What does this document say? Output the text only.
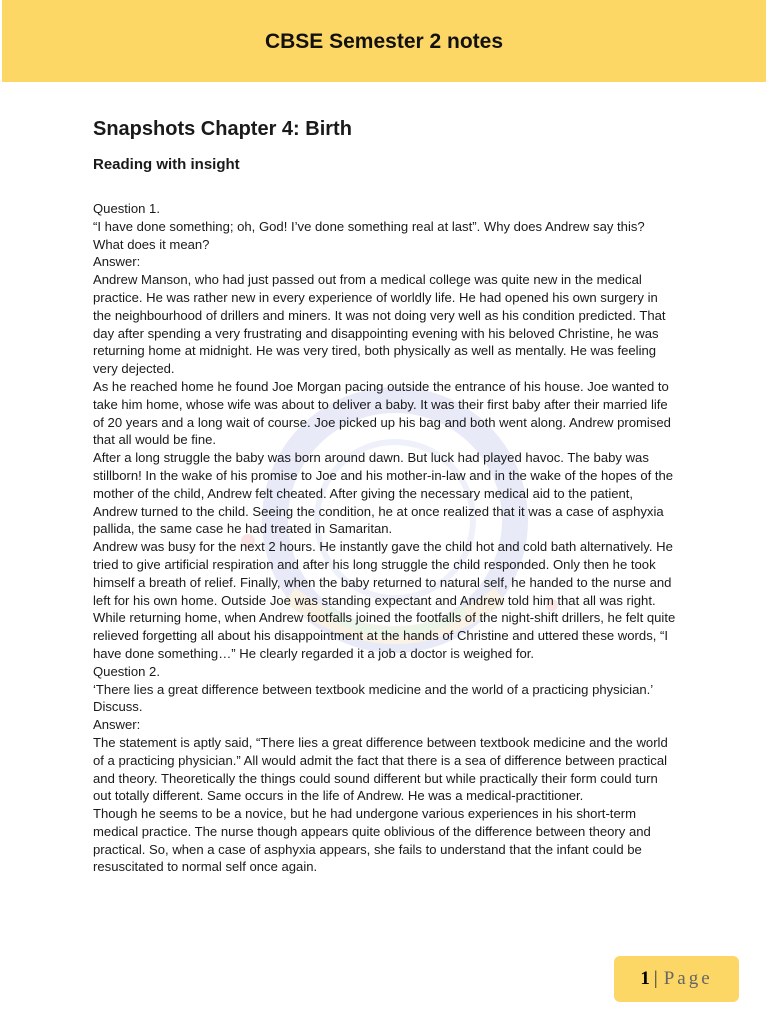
CBSE Semester 2 notes
Snapshots Chapter 4: Birth
Reading with insight

Question 1.

“I have done something; oh, God! I’ve done something real at last”. Why does Andrew say this? What does it mean?

Answer:

Andrew Manson, who had just passed out from a medical college was quite new in the medical practice. He was rather new in every experience of worldly life. He had opened his own surgery in the neighbourhood of drillers and miners. It was not doing very well as his condition predicted. That day after spending a very frustrating and disappointing evening with his beloved Christine, he was returning home at midnight. He was very tired, both physically as well as mentally. He was feeling very dejected.

As he reached home he found Joe Morgan pacing outside the entrance of his house. Joe wanted to take him home, whose wife was about to deliver a baby. It was their first baby after their married life of 20 years and a long wait of course. Joe picked up his bag and both went along. Andrew promised that all would be fine.

After a long struggle the baby was born around dawn. But luck had played havoc. The baby was stillborn! In the wake of his promise to Joe and his mother-in-law and in the wake of the hopes of the mother of the child, Andrew felt cheated. After giving the necessary medical aid to the patient, Andrew turned to the child. Seeing the condition, he at once realized that it was a case of asphyxia pallida, the same case he had treated in Samaritan.

Andrew was busy for the next 2 hours. He instantly gave the child hot and cold bath alternatively. He tried to give artificial respiration and after his long struggle the child responded. Only then he took himself a breath of relief. Finally, when the baby returned to natural self, he handed to the nurse and left for his own home. Outside Joe was standing expectant and Andrew told him that all was right. While returning home, when Andrew footfalls joined the footfalls of the night-shift drillers, he felt quite relieved forgetting all about his disappointment at the hands of Christine and uttered these words, “I have done something…” He clearly regarded it a job a doctor is weighed for.

Question 2.

‘There lies a great difference between textbook medicine and the world of a practicing physician.’ Discuss.

Answer:

The statement is aptly said, “There lies a great difference between textbook medicine and the world of a practicing physician.” All would admit the fact that there is a sea of difference between practical and theory. Theoretically the things could sound different but while practically their form could turn out totally different. Same occurs in the life of Andrew. He was a medical-practitioner.

Though he seems to be a novice, but he had undergone various experiences in his short-term medical practice. The nurse though appears quite oblivious of the difference between theory and practical. So, when a case of asphyxia appears, she fails to understand that the infant could be resuscitated to normal self once again.

1 | Page
